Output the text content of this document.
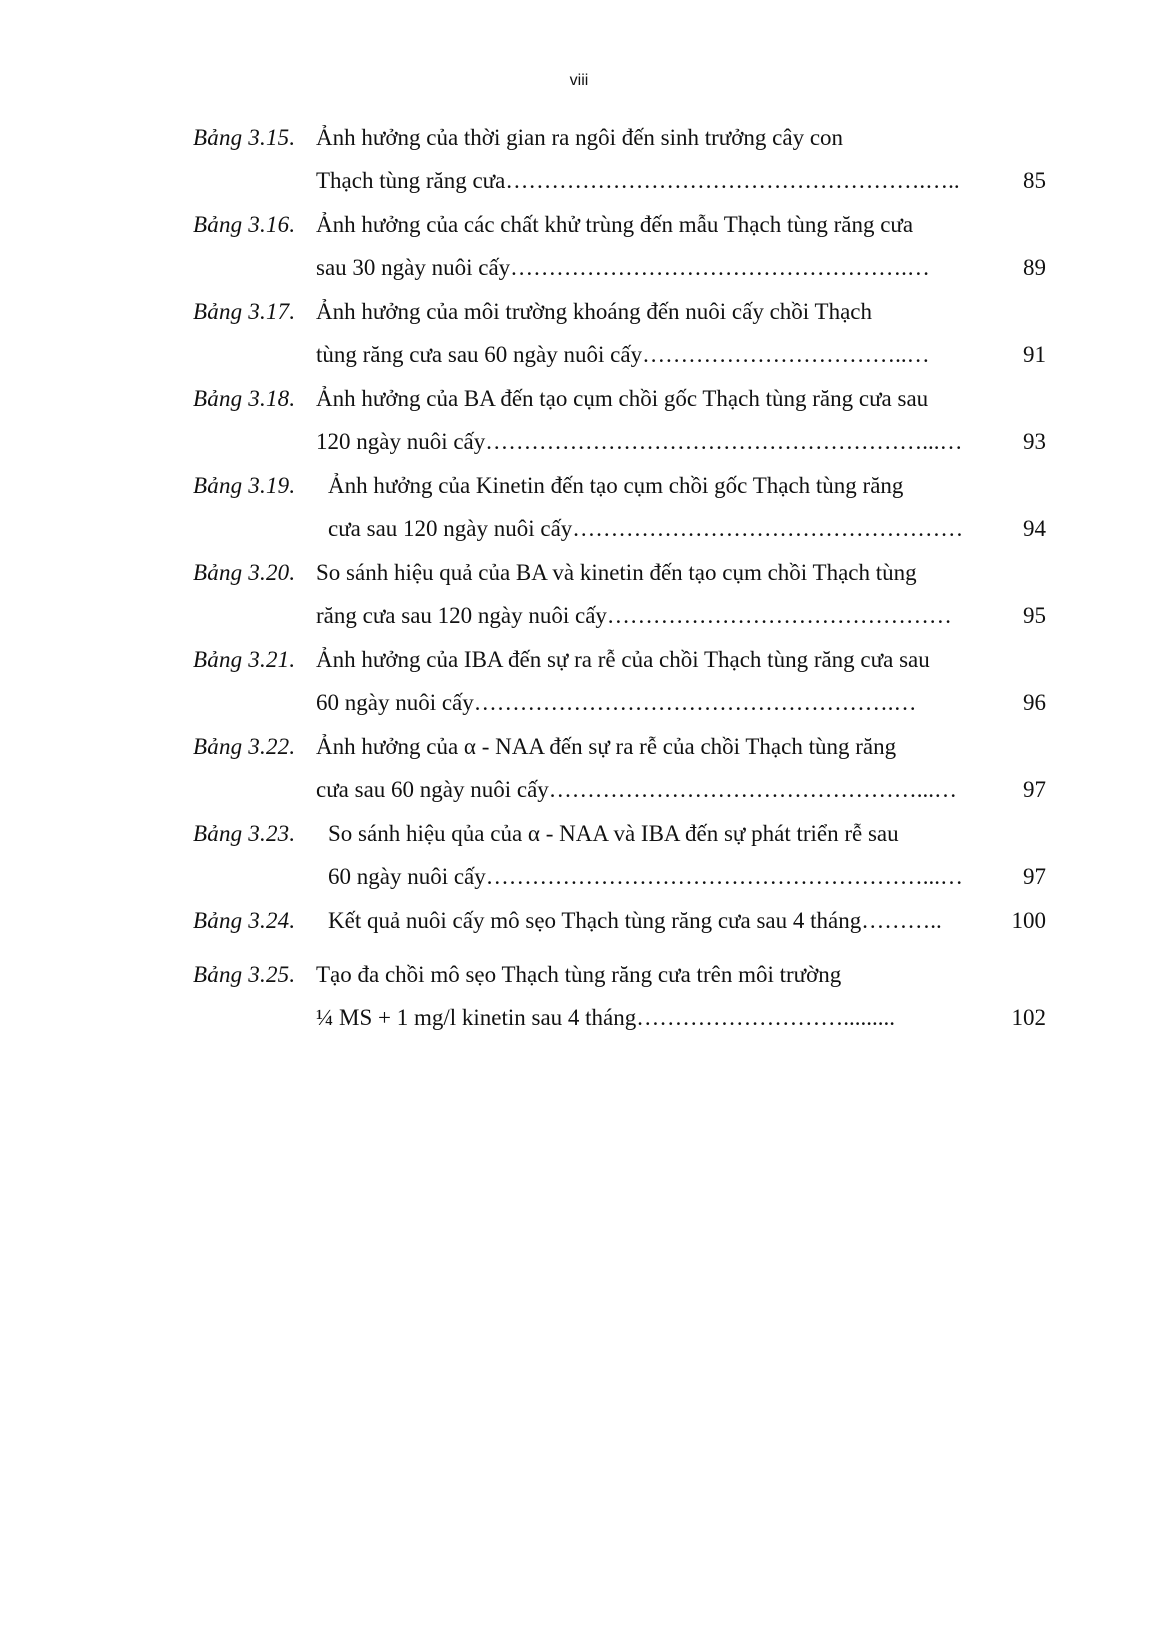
viii
Bảng 3.15. Ảnh hưởng của thời gian ra ngôi đến sinh trưởng cây con
Thạch tùng răng cưa……………………………………………….…..	85
Bảng 3.16. Ảnh hưởng của các chất khử trùng đến mẫu Thạch tùng răng cưa
sau 30 ngày nuôi cấy…………………………………………….…	89
Bảng 3.17. Ảnh hưởng của môi trường khoáng đến nuôi cấy chồi Thạch
tùng răng cưa sau 60 ngày nuôi cấy……………………………..…	91
Bảng 3.18. Ảnh hưởng của BA đến tạo cụm chồi gốc Thạch tùng răng cưa sau
120 ngày nuôi cấy…………………………………………………...…	93
Bảng 3.19. Ảnh hưởng của Kinetin đến tạo cụm chồi gốc Thạch tùng răng
cưa sau 120 ngày nuôi cấy……………………………………………	94
Bảng 3.20. So sánh hiệu quả của BA và kinetin đến tạo cụm chồi Thạch tùng
răng cưa sau 120 ngày nuôi cấy………………………………………	95
Bảng 3.21. Ảnh hưởng của IBA đến sự ra rễ của chồi Thạch tùng răng cưa sau
60 ngày nuôi cấy……………………………………………….…	96
Bảng 3.22. Ảnh hưởng của α - NAA đến sự ra rễ của chồi Thạch tùng răng
cưa sau 60 ngày nuôi cấy…………………………………………...…	97
Bảng 3.23. So sánh hiệu qủa của α - NAA và IBA đến sự phát triển rễ sau
60 ngày nuôi cấy…………………………………………………...…	97
Bảng 3.24. Kết quả nuôi cấy mô sẹo Thạch tùng răng cưa sau 4 tháng………..	100
Bảng 3.25. Tạo đa chồi mô sẹo Thạch tùng răng cưa trên môi trường
¼ MS + 1 mg/l kinetin sau 4 tháng……………………….........	102
